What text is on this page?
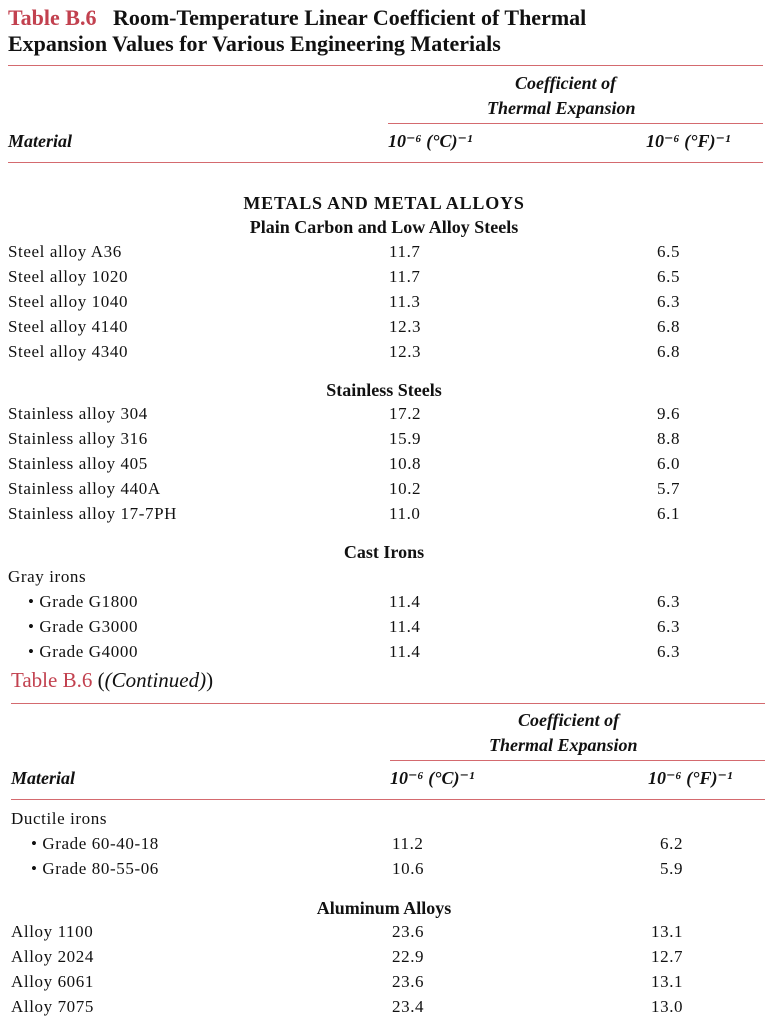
Table B.6 Room-Temperature Linear Coefficient of Thermal
Expansion Values for Various Engineering Materials
Coefficient of
Thermal Expansion
Material	10⁻⁶ (°C)⁻¹	10⁻⁶ (°F)⁻¹
METALS AND METAL ALLOYS
Plain Carbon and Low Alloy Steels
Steel alloy A36	11.7	6.5
Steel alloy 1020	11.7	6.5
Steel alloy 1040	11.3	6.3
Steel alloy 4140	12.3	6.8
Steel alloy 4340	12.3	6.8
Stainless Steels
Stainless alloy 304	17.2	9.6
Stainless alloy 316	15.9	8.8
Stainless alloy 405	10.8	6.0
Stainless alloy 440A	10.2	5.7
Stainless alloy 17-7PH	11.0	6.1
Cast Irons
Gray irons
• Grade G1800	11.4	6.3
• Grade G3000	11.4	6.3
• Grade G4000	11.4	6.3
Table B.6 ((Continued))
Coefficient of
Thermal Expansion
Material	10⁻⁶ (°C)⁻¹	10⁻⁶ (°F)⁻¹
Ductile irons
• Grade 60-40-18	11.2	6.2
• Grade 80-55-06	10.6	5.9
Aluminum Alloys
Alloy 1100	23.6	13.1
Alloy 2024	22.9	12.7
Alloy 6061	23.6	13.1
Alloy 7075	23.4	13.0
